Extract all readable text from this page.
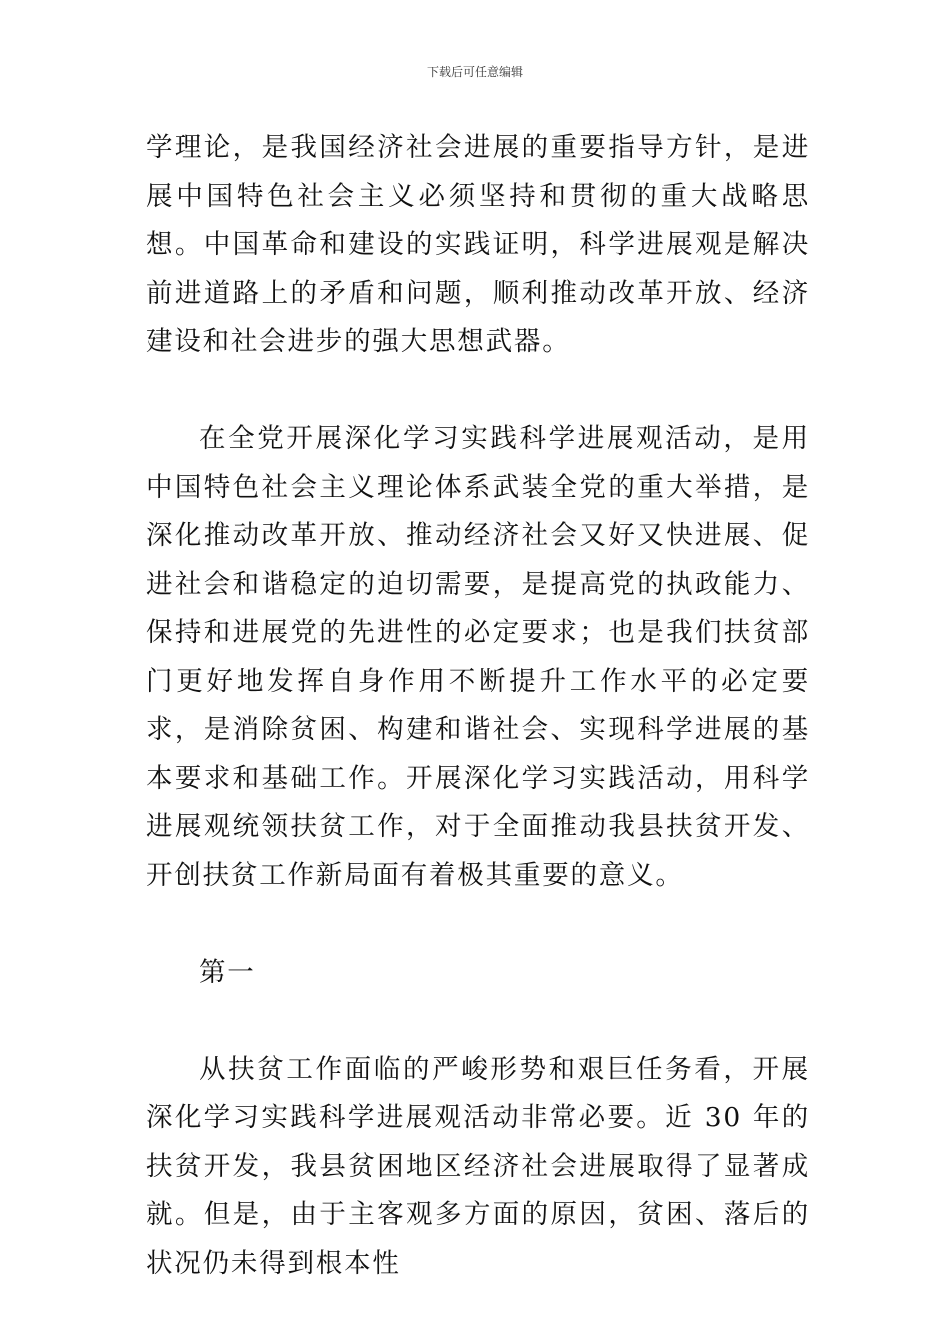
下载后可任意编辑

学理论，是我国经济社会进展的重要指导方针，是进展中国特色社会主义必须坚持和贯彻的重大战略思想。中国革命和建设的实践证明，科学进展观是解决前进道路上的矛盾和问题，顺利推动改革开放、经济建设和社会进步的强大思想武器。

在全党开展深化学习实践科学进展观活动，是用中国特色社会主义理论体系武装全党的重大举措，是深化推动改革开放、推动经济社会又好又快进展、促进社会和谐稳定的迫切需要，是提高党的执政能力、保持和进展党的先进性的必定要求；也是我们扶贫部门更好地发挥自身作用不断提升工作水平的必定要求，是消除贫困、构建和谐社会、实现科学进展的基本要求和基础工作。开展深化学习实践活动，用科学进展观统领扶贫工作，对于全面推动我县扶贫开发、开创扶贫工作新局面有着极其重要的意义。

第一

从扶贫工作面临的严峻形势和艰巨任务看，开展深化学习实践科学进展观活动非常必要。近 30 年的扶贫开发，我县贫困地区经济社会进展取得了显著成就。但是，由于主客观多方面的原因，贫困、落后的状况仍未得到根本性
